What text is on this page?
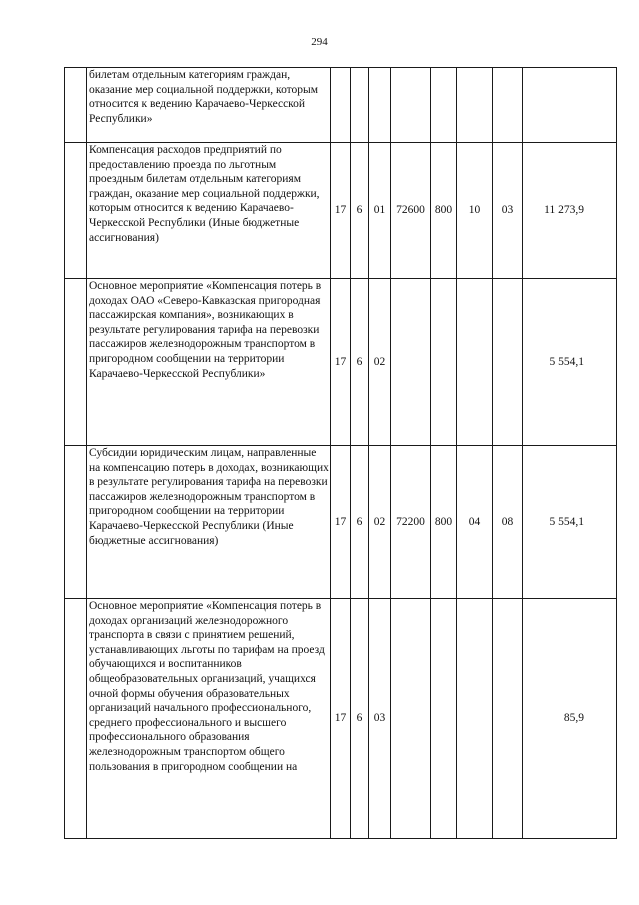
294
	билетам отдельным категориям граждан, оказание мер социальной поддержки, которым относится к ведению Карачаево-Черкесской Республики»								
	Компенсация расходов предприятий по предоставлению проезда по льготным проездным билетам отдельным категориям граждан, оказание мер социальной поддержки, которым относится к ведению Карачаево-Черкесской Республики (Иные бюджетные ассигнования)	17	6	01	72600	800	10	03	11 273,9
	Основное мероприятие «Компенсация потерь в доходах ОАО «Северо-Кавказская пригородная пассажирская компания», возникающих в результате регулирования тарифа на перевозки пассажиров железнодорожным транспортом в пригородном сообщении на территории Карачаево-Черкесской Республики»	17	6	02					5 554,1
	Субсидии юридическим лицам, направленные на компенсацию потерь в доходах, возникающих в результате регулирования тарифа на перевозки пассажиров железнодорожным транспортом в пригородном сообщении на территории Карачаево-Черкесской Республики (Иные бюджетные ассигнования)	17	6	02	72200	800	04	08	5 554,1
	Основное мероприятие «Компенсация потерь в доходах организаций железнодорожного транспорта в связи с принятием решений, устанавливающих льготы по тарифам на проезд обучающихся и воспитанников общеобразовательных организаций, учащихся очной формы обучения образовательных организаций начального профессионального, среднего профессионального и высшего профессионального образования железнодорожным транспортом общего пользования в пригородном сообщении на	17	6	03					85,9
